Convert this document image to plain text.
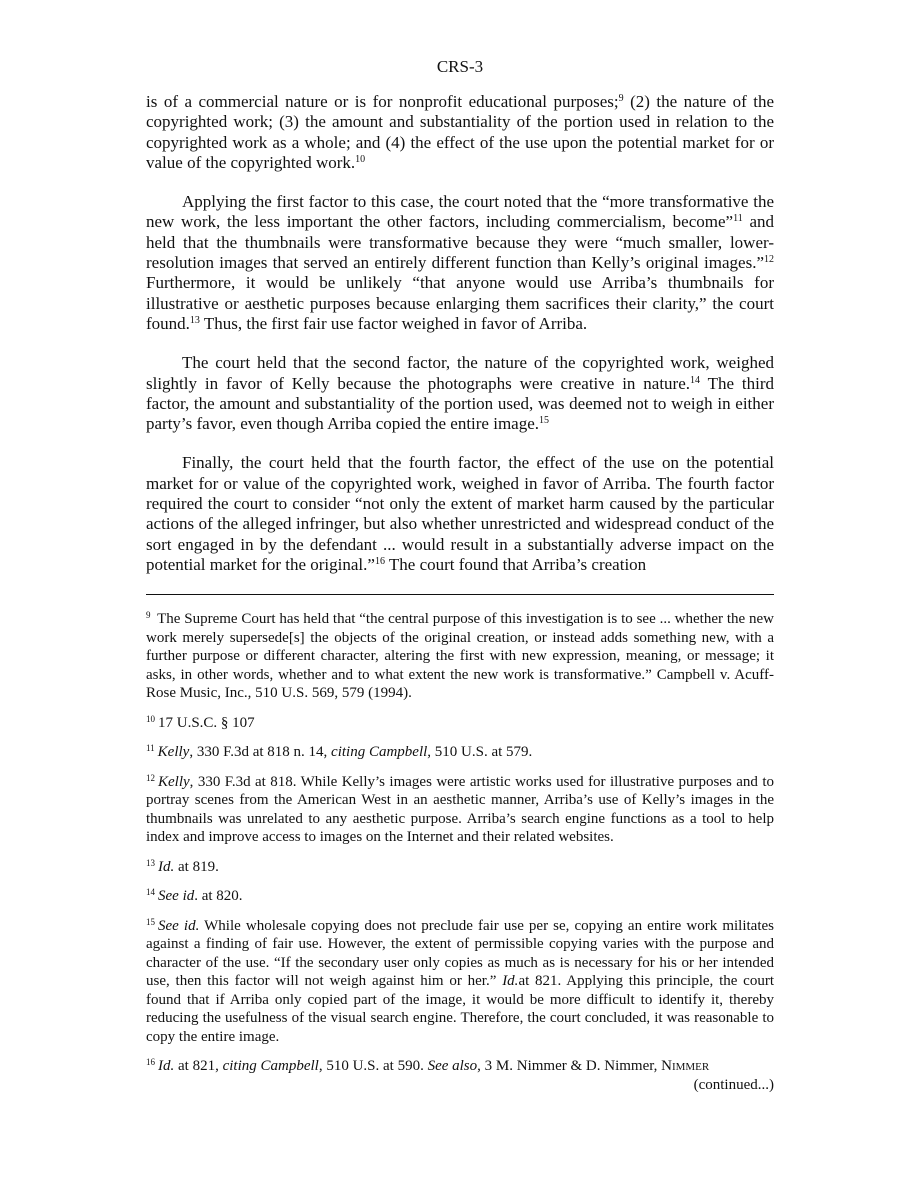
CRS-3

is of a commercial nature or is for nonprofit educational purposes;$^9$ (2) the nature of the copyrighted work; (3) the amount and substantiality of the portion used in relation to the copyrighted work as a whole; and (4) the effect of the use upon the potential market for or value of the copyrighted work.$^{10}$

Applying the first factor to this case, the court noted that the “more transformative the new work, the less important the other factors, including commercialism, become”$^{11}$ and held that the thumbnails were transformative because they were “much smaller, lower-resolution images that served an entirely different function than Kelly’s original images.”$^{12}$ Furthermore, it would be unlikely “that anyone would use Arriba’s thumbnails for illustrative or aesthetic purposes because enlarging them sacrifices their clarity,” the court found.$^{13}$ Thus, the first fair use factor weighed in favor of Arriba.

The court held that the second factor, the nature of the copyrighted work, weighed slightly in favor of Kelly because the photographs were creative in nature.$^{14}$ The third factor, the amount and substantiality of the portion used, was deemed not to weigh in either party’s favor, even though Arriba copied the entire image.$^{15}$

Finally, the court held that the fourth factor, the effect of the use on the potential market for or value of the copyrighted work, weighed in favor of Arriba. The fourth factor required the court to consider “not only the extent of market harm caused by the particular actions of the alleged infringer, but also whether unrestricted and widespread conduct of the sort engaged in by the defendant ... would result in a substantially adverse impact on the potential market for the original.”$^{16}$ The court found that Arriba’s creation

$^9$ The Supreme Court has held that “the central purpose of this investigation is to see ... whether the new work merely supersede[s] the objects of the original creation, or instead adds something new, with a further purpose or different character, altering the first with new expression, meaning, or message; it asks, in other words, whether and to what extent the new work is transformative.” Campbell v. Acuff-Rose Music, Inc., 510 U.S. 569, 579 (1994).

$^{10}$ 17 U.S.C. § 107

$^{11}$ Kelly, 330 F.3d at 818 n. 14, citing Campbell, 510 U.S. at 579.

$^{12}$ Kelly, 330 F.3d at 818. While Kelly’s images were artistic works used for illustrative purposes and to portray scenes from the American West in an aesthetic manner, Arriba’s use of Kelly’s images in the thumbnails was unrelated to any aesthetic purpose. Arriba’s search engine functions as a tool to help index and improve access to images on the Internet and their related websites.

$^{13}$ Id. at 819.

$^{14}$ See id. at 820.

$^{15}$ See id. While wholesale copying does not preclude fair use per se, copying an entire work militates against a finding of fair use. However, the extent of permissible copying varies with the purpose and character of the use. “If the secondary user only copies as much as is necessary for his or her intended use, then this factor will not weigh against him or her.” Id.at 821. Applying this principle, the court found that if Arriba only copied part of the image, it would be more difficult to identify it, thereby reducing the usefulness of the visual search engine. Therefore, the court concluded, it was reasonable to copy the entire image.

$^{16}$ Id. at 821, citing Campbell, 510 U.S. at 590. See also, 3 M. Nimmer & D. Nimmer, Nimmer

(continued...)
